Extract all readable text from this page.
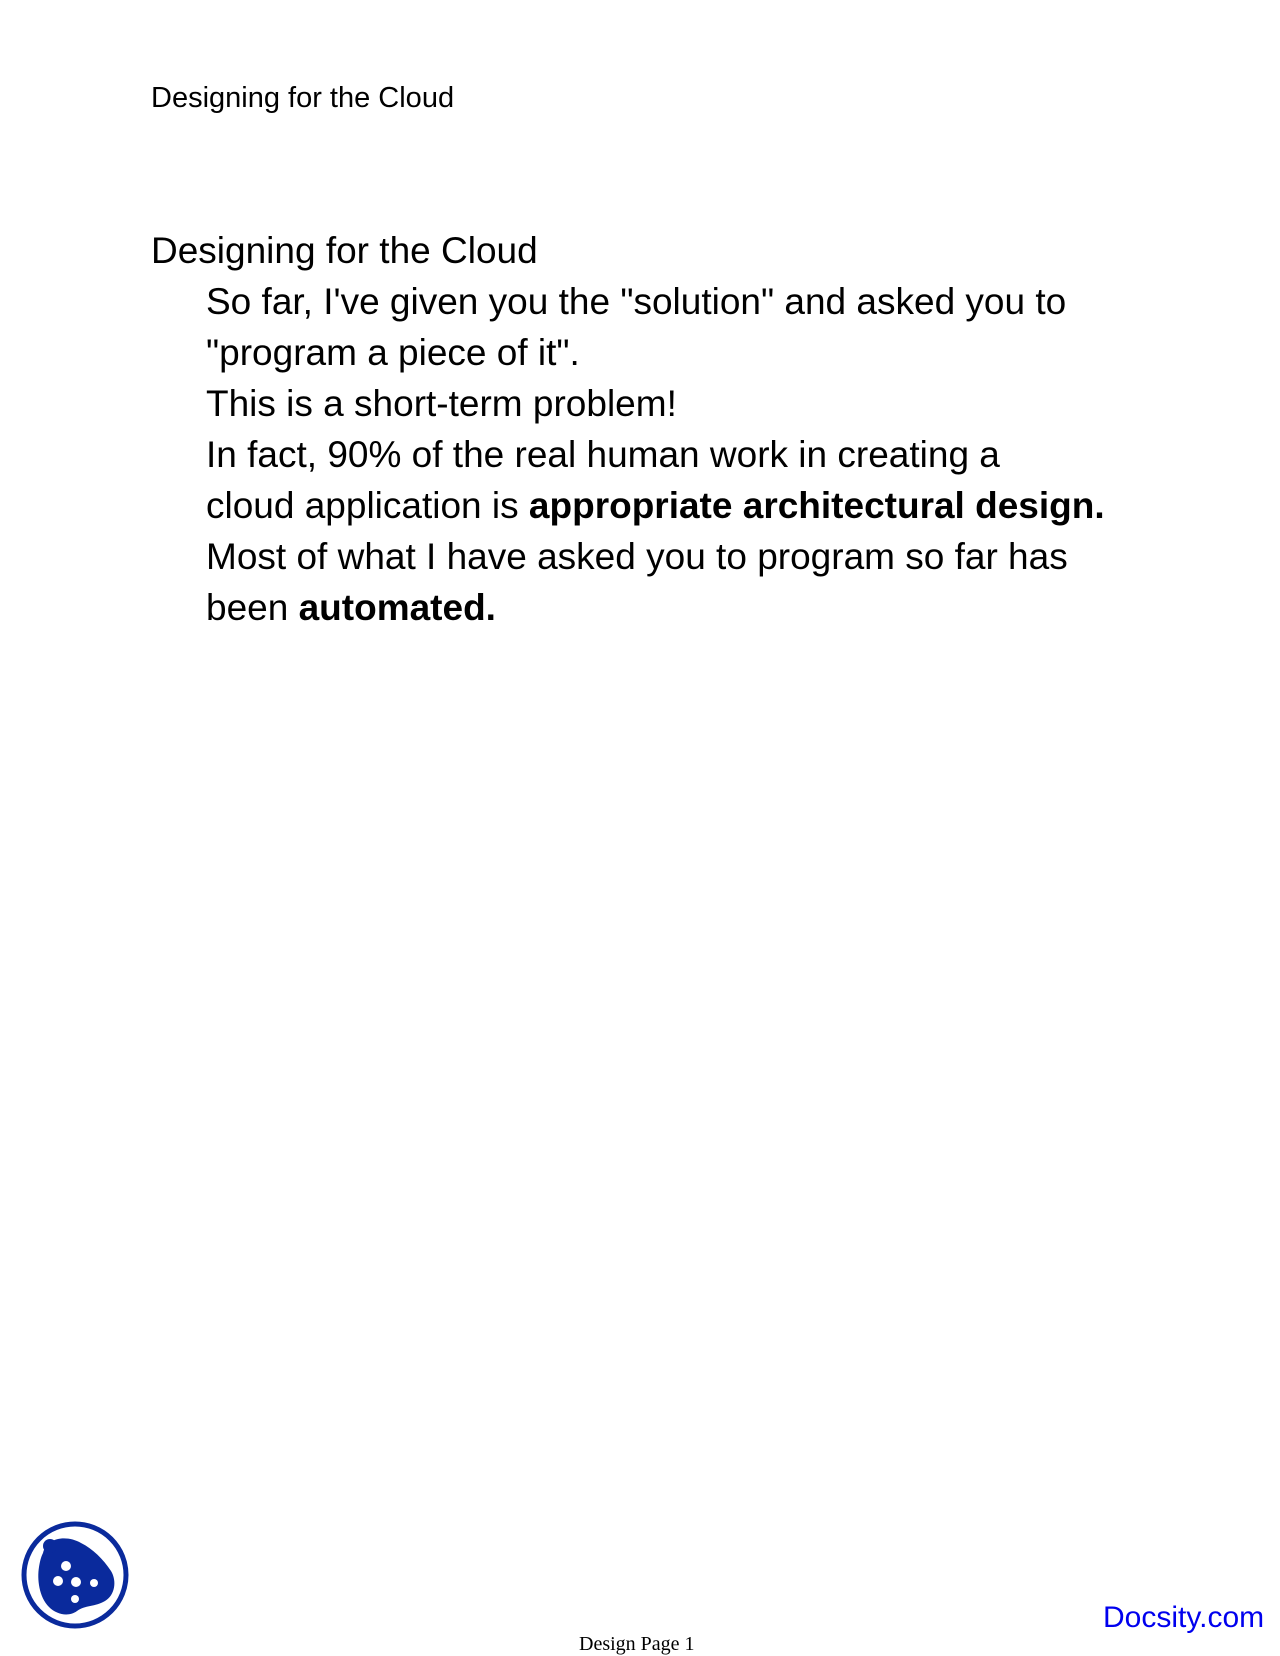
Designing for the Cloud
Designing for the Cloud
So far, I've given you the "solution" and asked you to
"program a piece of it".
This is a short-term problem!
In fact, 90% of the real human work in creating a
cloud application is appropriate architectural design.
Most of what I have asked you to program so far has
been automated.
Docsity.com
Design Page 1
